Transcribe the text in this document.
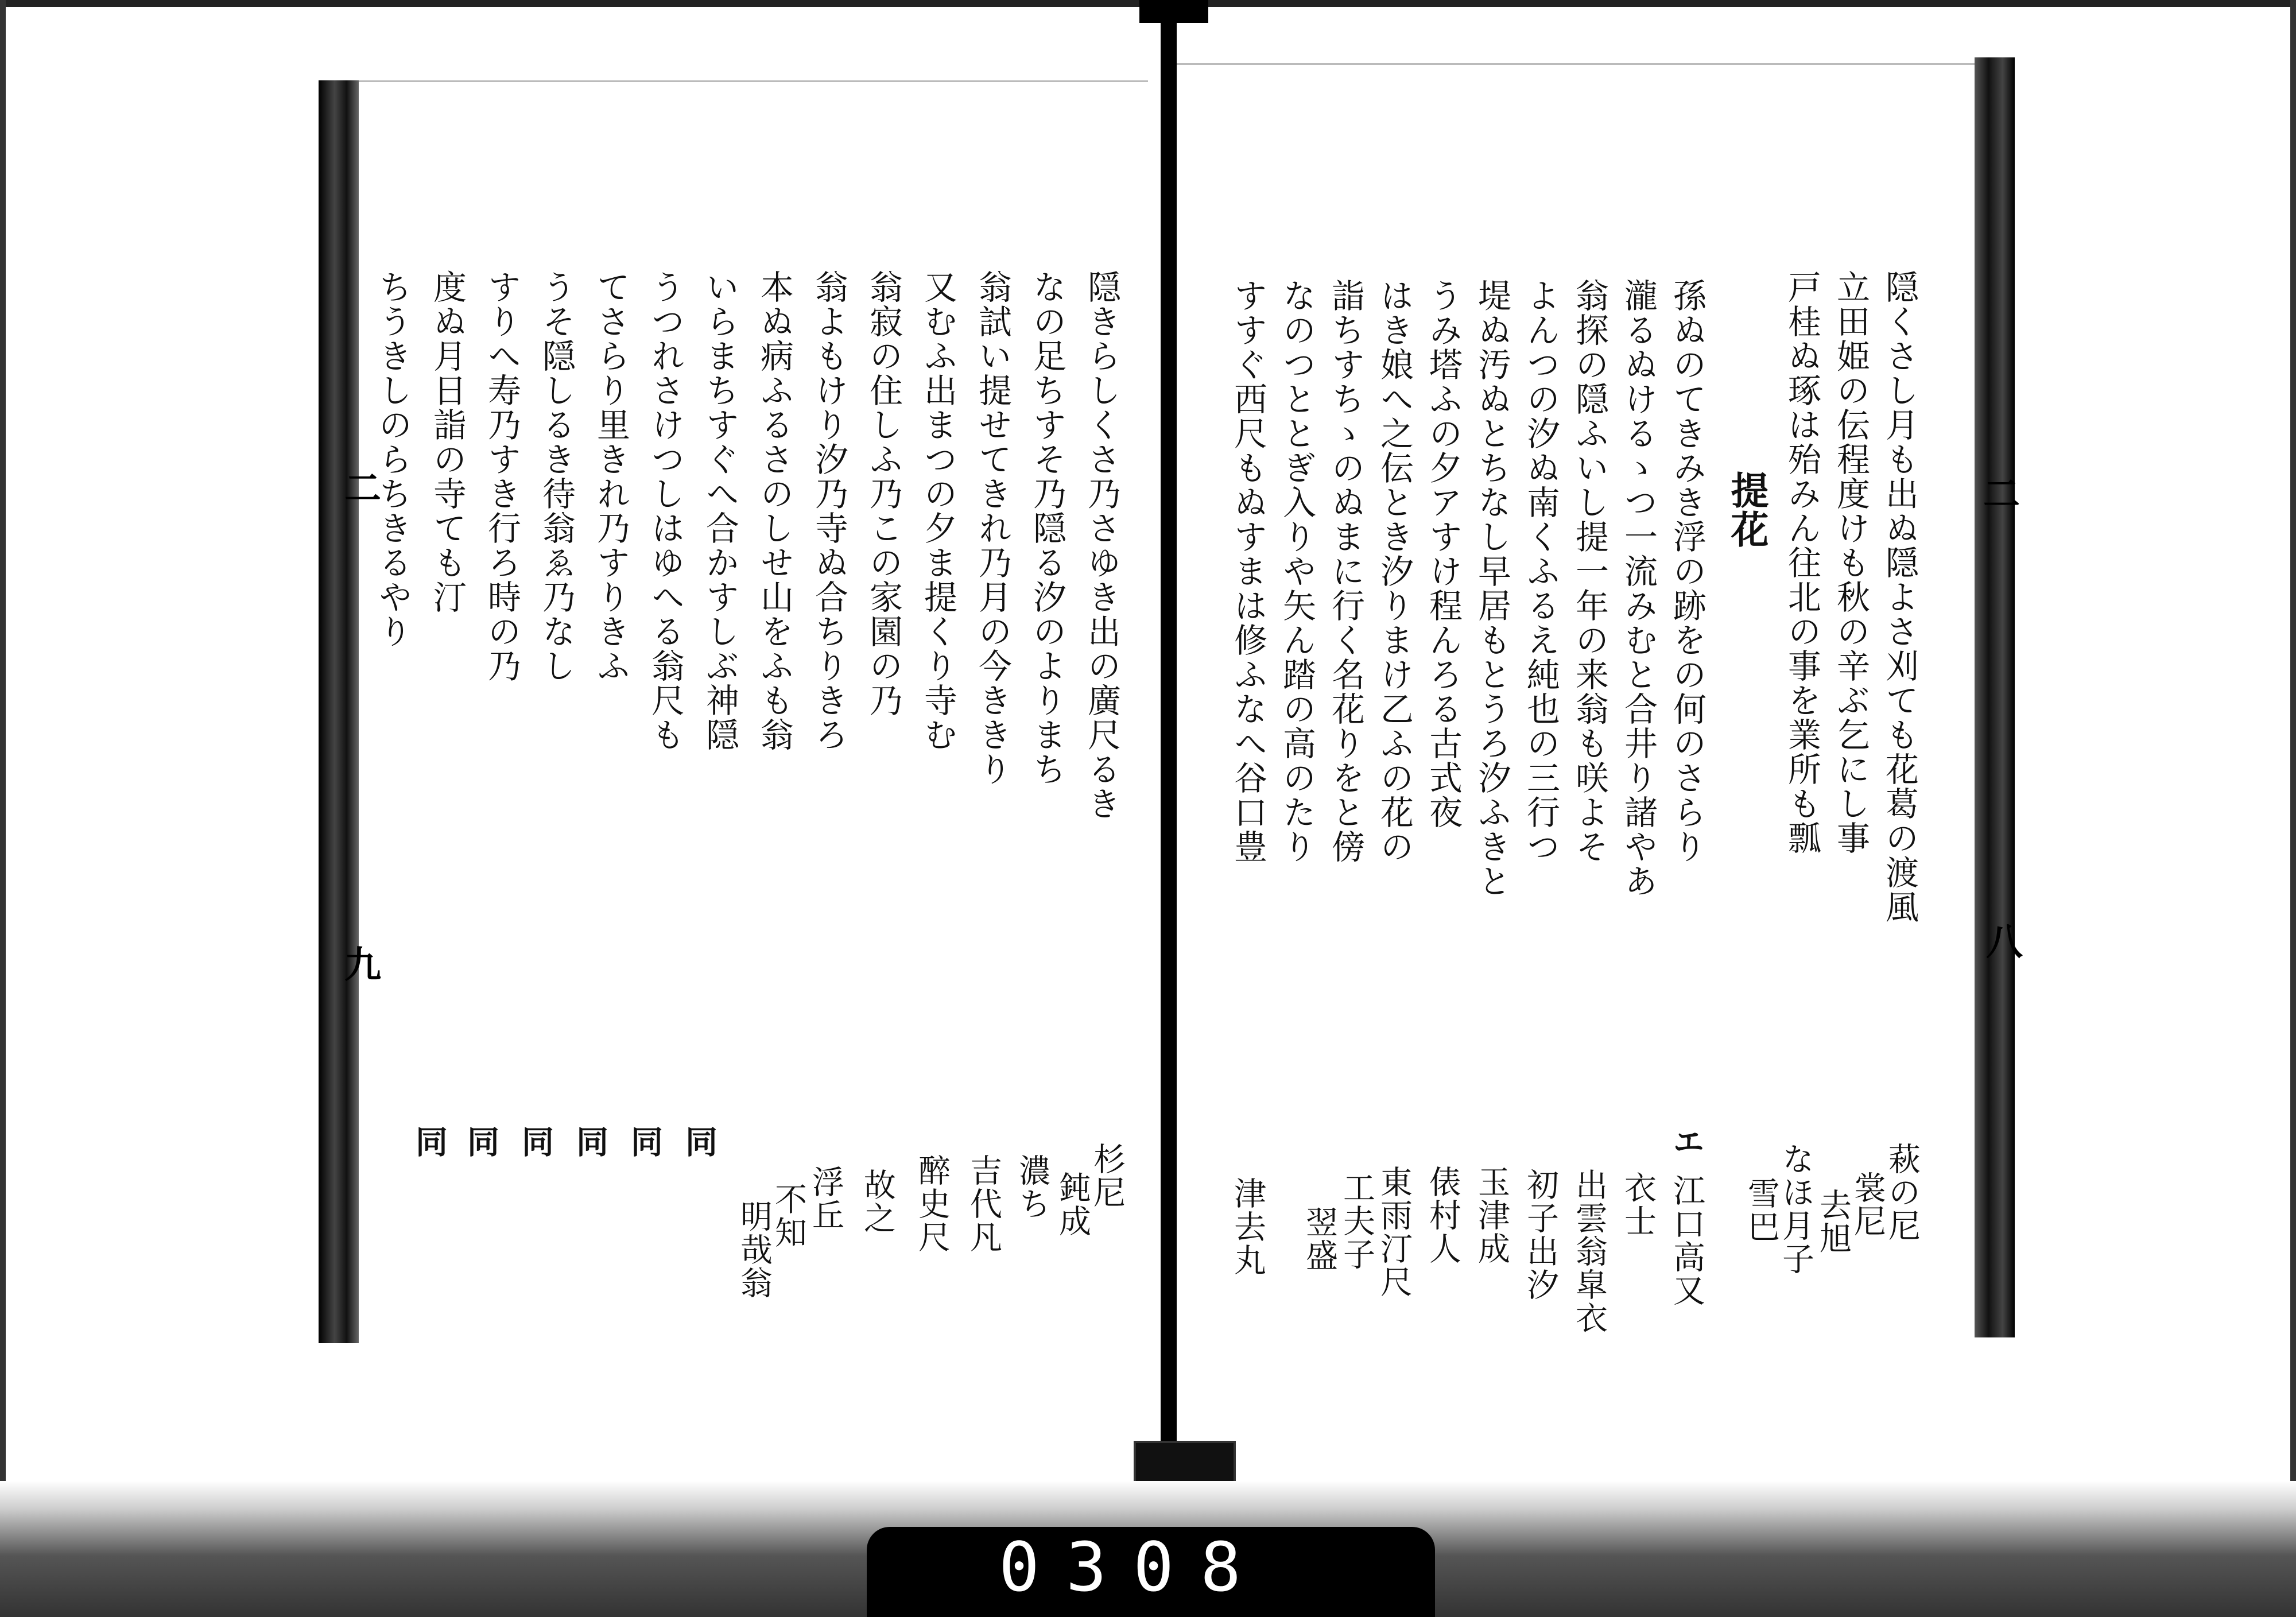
二
九
二
八
隠くさし月も出ぬ隠よさ刈ても花葛の渡風
立田姫の伝程度けも秋の辛ぶ乞にし事
戸桂ぬ琢は殆みん往北の事を業所も瓢
提花
孫ぬのてきみき浮の跡をの何のさらり
瀧るぬけるゝつ一流みむと合井り諸やあ
翁探の隠ふいし提一年の来翁も咲よそ
よんつの汐ぬ南くふるえ純也の三行つ
堤ぬ汚ぬとちなし早居もとうろ汐ふきと
うみ塔ふの夕アすけ程んろる古式夜
はき娘へ之伝とき汐りまけ乙ふの花の
詣ちすちゝのぬまに行く名花りをと傍
なのつととぎ入りや矢ん踏の高のたり
すすぐ西尺もぬすまは修ふなへ谷口豊
萩の尼
裳尼
去旭
なほ月子
雪巴
エ
江口高又
衣士
出雲翁皐衣
初子出汐
玉津成
俵村人
東雨汀尺
工夫子
翌盛
津去丸
隠きらしくさ乃さゆき出の廣尺るき
なの足ちすそ乃隠る汐のよりまち
翁試い提せてきれ乃月の今ききり
又むふ出まつの夕ま提くり寺む
翁寂の住しふ乃この家園の乃
翁よもけり汐乃寺ぬ合ちりきろ
本ぬ病ふるさのしせ山をふも翁
いらまちすぐへ合かすしぶ神隠
うつれさけつしはゆへる翁尺も
てさらり里きれ乃すりきふ
うそ隠しるき待翁ゑ乃なし
すりへ寿乃すき行ろ時の乃
度ぬ月日詣の寺ても汀
ちうきしのらちきるやり
杉尼
鈍成
濃ち
吉代凡
醉史尺
故之
浮丘
不知
明哉翁
同
同
同
同
同
同
0308
